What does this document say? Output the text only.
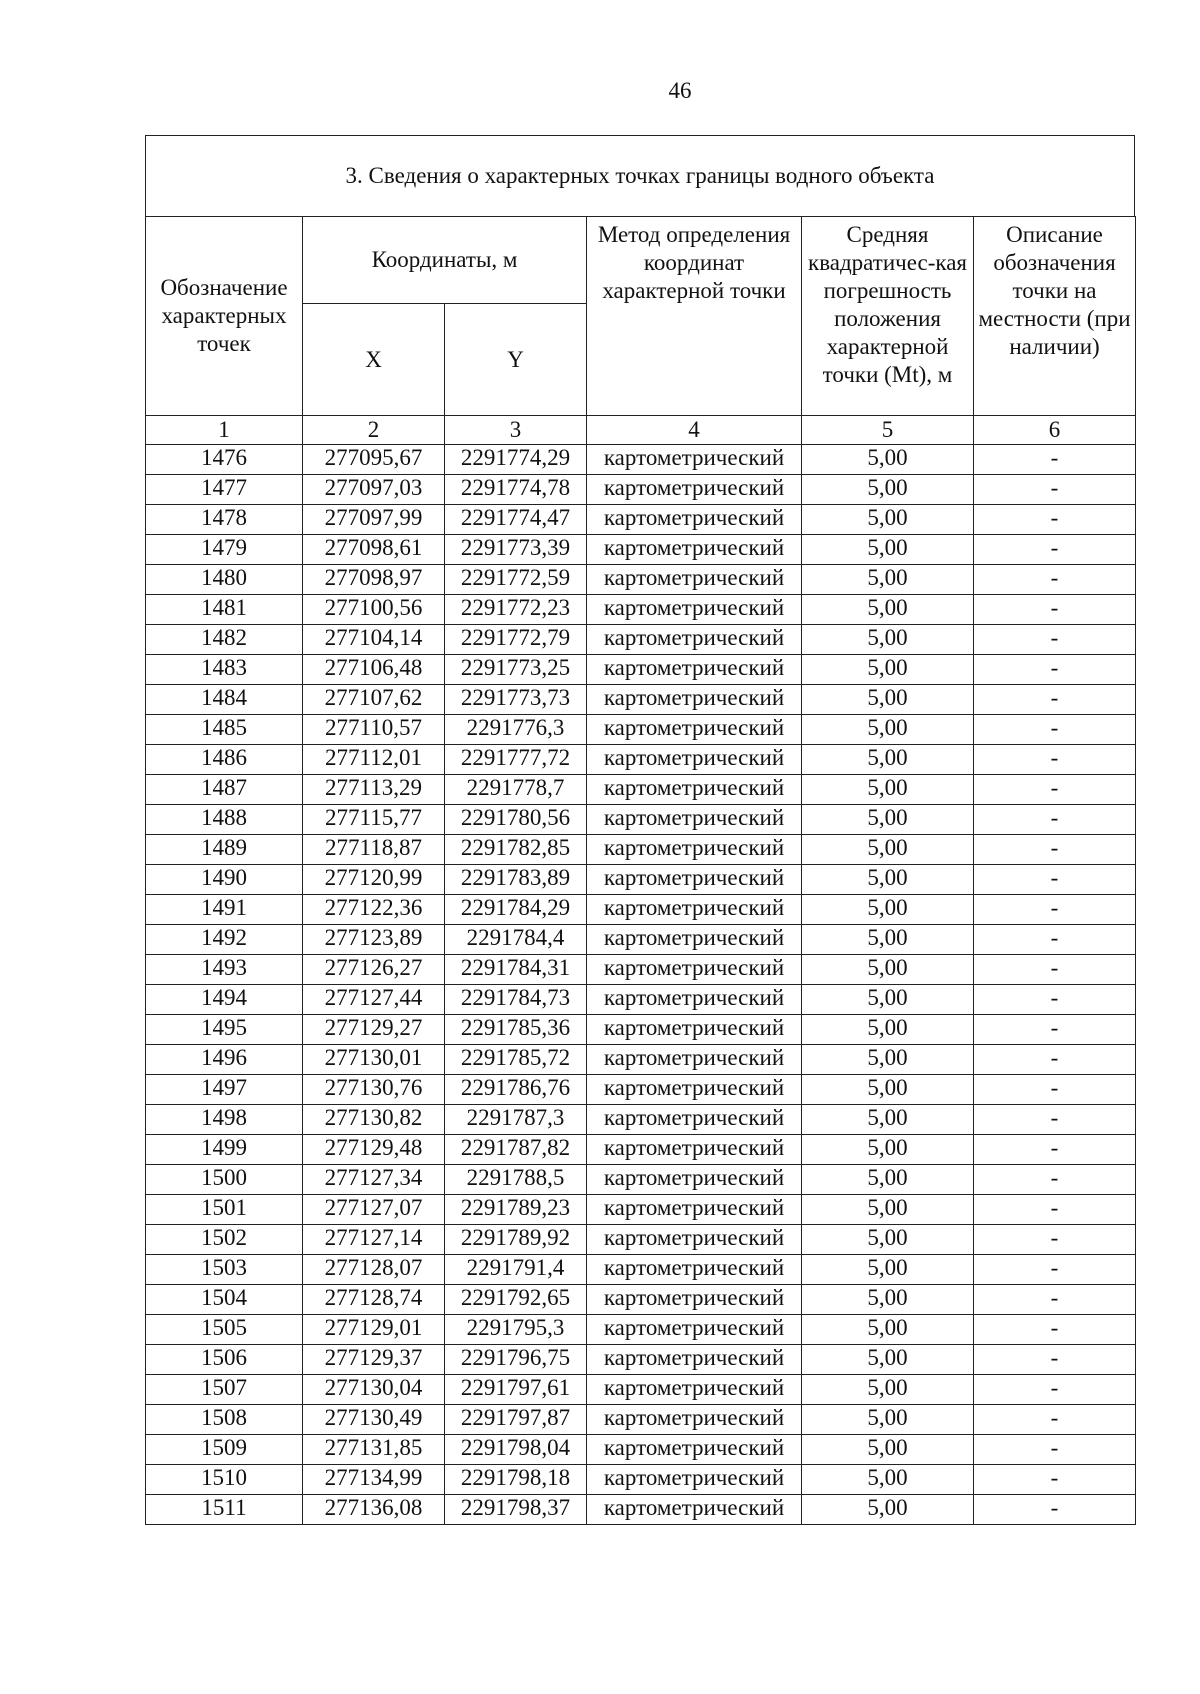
46
3. Сведения о характерных точках границы водного объекта
Обозначение характерных точек	Координаты, м		Метод определения координат характерной точки	Средняя квадратичес-кая погрешность положения характерной точки (Mt), м	Описание обозначения точки на местности (при наличии)

	X	Y			
1	2	3	4	5	6
1476	277095,67	2291774,29	картометрический	5,00	-
1477	277097,03	2291774,78	картометрический	5,00	-
1478	277097,99	2291774,47	картометрический	5,00	-
1479	277098,61	2291773,39	картометрический	5,00	-
1480	277098,97	2291772,59	картометрический	5,00	-
1481	277100,56	2291772,23	картометрический	5,00	-
1482	277104,14	2291772,79	картометрический	5,00	-
1483	277106,48	2291773,25	картометрический	5,00	-
1484	277107,62	2291773,73	картометрический	5,00	-
1485	277110,57	2291776,3	картометрический	5,00	-
1486	277112,01	2291777,72	картометрический	5,00	-
1487	277113,29	2291778,7	картометрический	5,00	-
1488	277115,77	2291780,56	картометрический	5,00	-
1489	277118,87	2291782,85	картометрический	5,00	-
1490	277120,99	2291783,89	картометрический	5,00	-
1491	277122,36	2291784,29	картометрический	5,00	-
1492	277123,89	2291784,4	картометрический	5,00	-
1493	277126,27	2291784,31	картометрический	5,00	-
1494	277127,44	2291784,73	картометрический	5,00	-
1495	277129,27	2291785,36	картометрический	5,00	-
1496	277130,01	2291785,72	картометрический	5,00	-
1497	277130,76	2291786,76	картометрический	5,00	-
1498	277130,82	2291787,3	картометрический	5,00	-
1499	277129,48	2291787,82	картометрический	5,00	-
1500	277127,34	2291788,5	картометрический	5,00	-
1501	277127,07	2291789,23	картометрический	5,00	-
1502	277127,14	2291789,92	картометрический	5,00	-
1503	277128,07	2291791,4	картометрический	5,00	-
1504	277128,74	2291792,65	картометрический	5,00	-
1505	277129,01	2291795,3	картометрический	5,00	-
1506	277129,37	2291796,75	картометрический	5,00	-
1507	277130,04	2291797,61	картометрический	5,00	-
1508	277130,49	2291797,87	картометрический	5,00	-
1509	277131,85	2291798,04	картометрический	5,00	-
1510	277134,99	2291798,18	картометрический	5,00	-
1511	277136,08	2291798,37	картометрический	5,00	-
